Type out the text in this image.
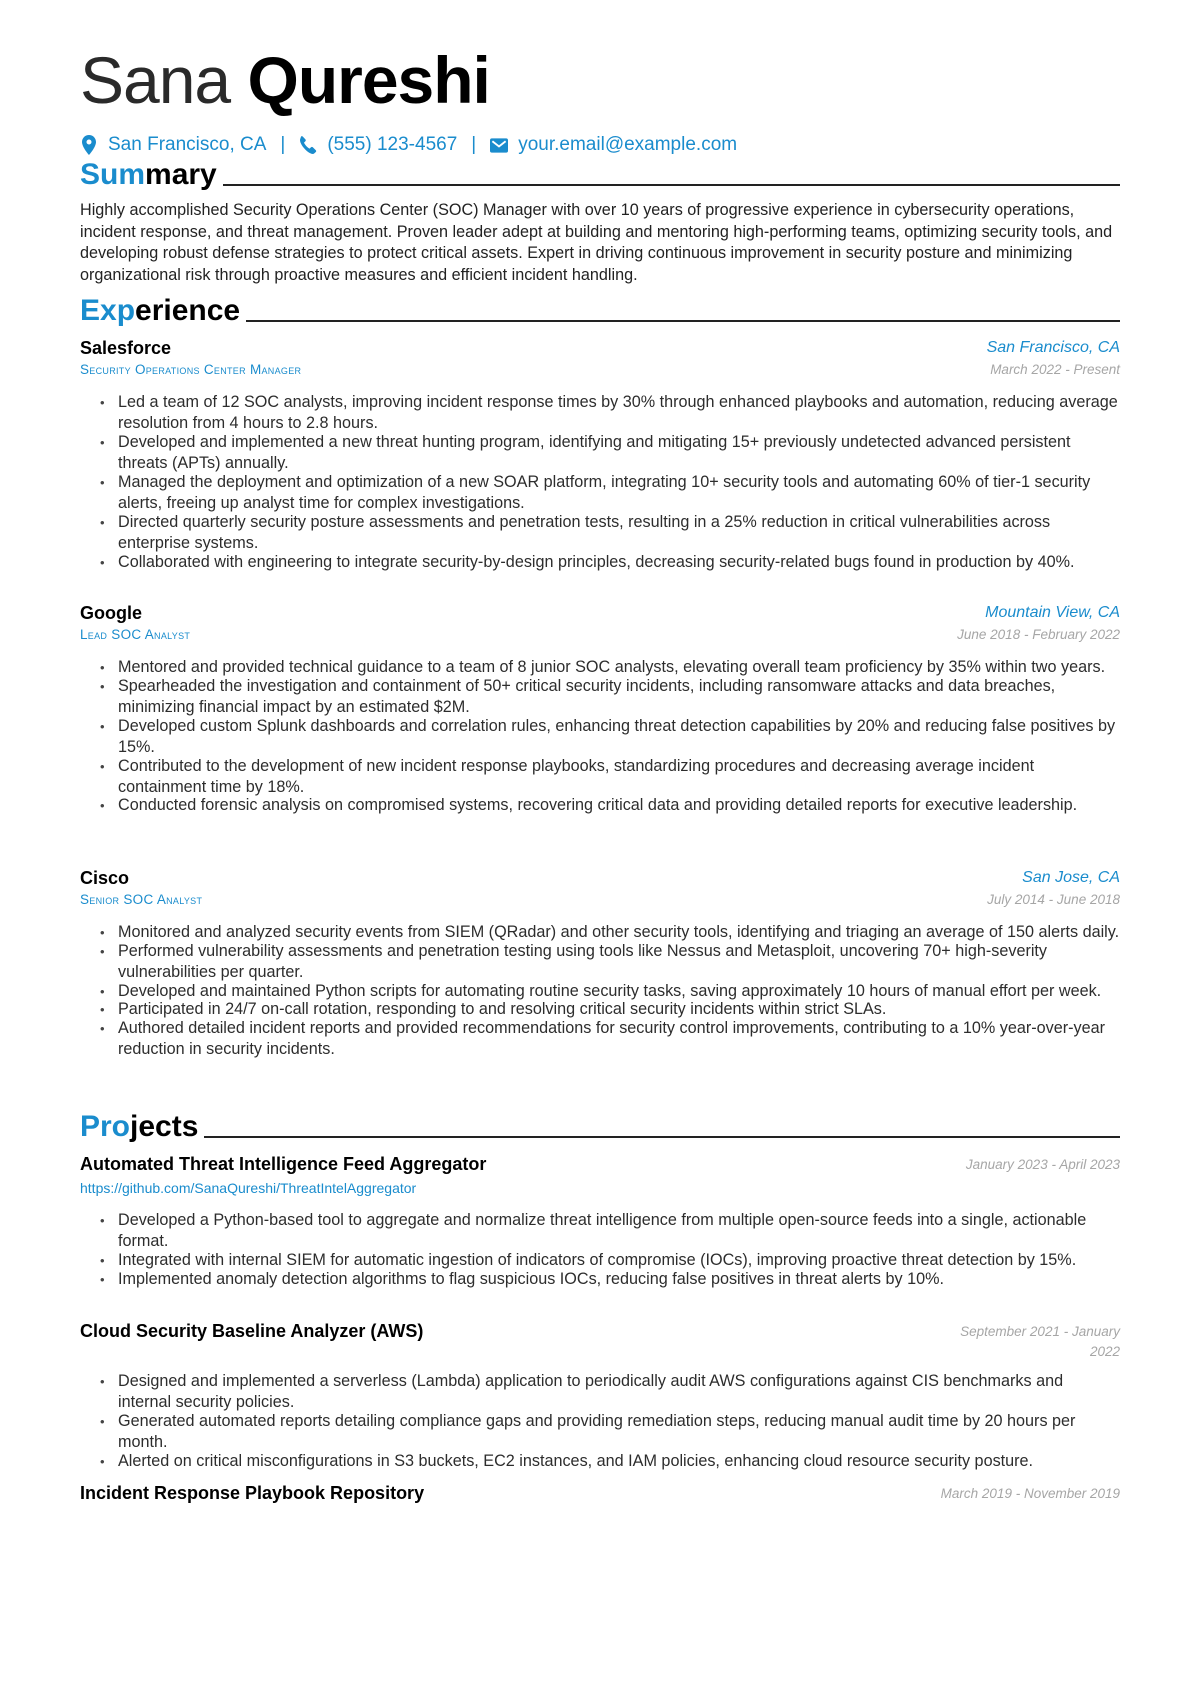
Sana Qureshi
San Francisco, CA | (555) 123-4567 | your.email@example.com
Summary
Highly accomplished Security Operations Center (SOC) Manager with over 10 years of progressive experience in cybersecurity operations, incident response, and threat management. Proven leader adept at building and mentoring high-performing teams, optimizing security tools, and developing robust defense strategies to protect critical assets. Expert in driving continuous improvement in security posture and minimizing organizational risk through proactive measures and efficient incident handling.
Experience
Salesforce	San Francisco, CA
Security Operations Center Manager	March 2022 - Present
• Led a team of 12 SOC analysts, improving incident response times by 30% through enhanced playbooks and automation, reducing average resolution from 4 hours to 2.8 hours.
• Developed and implemented a new threat hunting program, identifying and mitigating 15+ previously undetected advanced persistent threats (APTs) annually.
• Managed the deployment and optimization of a new SOAR platform, integrating 10+ security tools and automating 60% of tier-1 security alerts, freeing up analyst time for complex investigations.
• Directed quarterly security posture assessments and penetration tests, resulting in a 25% reduction in critical vulnerabilities across enterprise systems.
• Collaborated with engineering to integrate security-by-design principles, decreasing security-related bugs found in production by 40%.
Google	Mountain View, CA
Lead SOC Analyst	June 2018 - February 2022
• Mentored and provided technical guidance to a team of 8 junior SOC analysts, elevating overall team proficiency by 35% within two years.
• Spearheaded the investigation and containment of 50+ critical security incidents, including ransomware attacks and data breaches, minimizing financial impact by an estimated $2M.
• Developed custom Splunk dashboards and correlation rules, enhancing threat detection capabilities by 20% and reducing false positives by 15%.
• Contributed to the development of new incident response playbooks, standardizing procedures and decreasing average incident containment time by 18%.
• Conducted forensic analysis on compromised systems, recovering critical data and providing detailed reports for executive leadership.
Cisco	San Jose, CA
Senior SOC Analyst	July 2014 - June 2018
• Monitored and analyzed security events from SIEM (QRadar) and other security tools, identifying and triaging an average of 150 alerts daily.
• Performed vulnerability assessments and penetration testing using tools like Nessus and Metasploit, uncovering 70+ high-severity vulnerabilities per quarter.
• Developed and maintained Python scripts for automating routine security tasks, saving approximately 10 hours of manual effort per week.
• Participated in 24/7 on-call rotation, responding to and resolving critical security incidents within strict SLAs.
• Authored detailed incident reports and provided recommendations for security control improvements, contributing to a 10% year-over-year reduction in security incidents.
Projects
Automated Threat Intelligence Feed Aggregator	January 2023 - April 2023
https://github.com/SanaQureshi/ThreatIntelAggregator
• Developed a Python-based tool to aggregate and normalize threat intelligence from multiple open-source feeds into a single, actionable format.
• Integrated with internal SIEM for automatic ingestion of indicators of compromise (IOCs), improving proactive threat detection by 15%.
• Implemented anomaly detection algorithms to flag suspicious IOCs, reducing false positives in threat alerts by 10%.
Cloud Security Baseline Analyzer (AWS)	September 2021 - January
2022
• Designed and implemented a serverless (Lambda) application to periodically audit AWS configurations against CIS benchmarks and internal security policies.
• Generated automated reports detailing compliance gaps and providing remediation steps, reducing manual audit time by 20 hours per month.
• Alerted on critical misconfigurations in S3 buckets, EC2 instances, and IAM policies, enhancing cloud resource security posture.
Incident Response Playbook Repository	March 2019 - November 2019
